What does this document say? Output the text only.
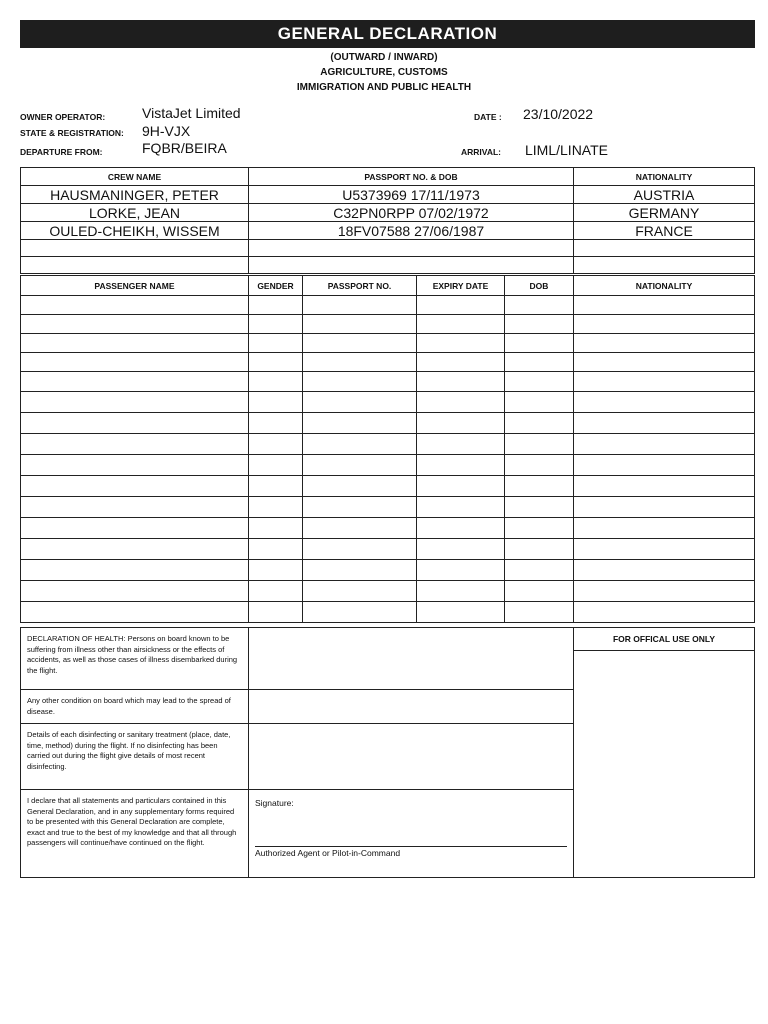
GENERAL DECLARATION
(OUTWARD / INWARD)
AGRICULTURE, CUSTOMS
IMMIGRATION AND PUBLIC HEALTH
OWNER OPERATOR:	VistaJet Limited
STATE & REGISTRATION: 9H-VJX
DEPARTURE FROM:	FQBR/BEIRA
DATE : 23/10/2022
ARRIVAL: LIML/LINATE
CREW NAME	PASSPORT NO. & DOB	NATIONALITY
HAUSMANINGER, PETER	U5373969 17/11/1973	AUSTRIA
LORKE, JEAN	C32PN0RPP 07/02/1972	GERMANY
OULED-CHEIKH, WISSEM	18FV07588 27/06/1987	FRANCE

PASSENGER NAME	GENDER	PASSPORT NO.	EXPIRY DATE	DOB	NATIONALITY

DECLARATION OF HEALTH: Persons on board known to be suffering from illness other than airsickness or the effects of accidents, as well as those cases of illness disembarked during the flight.		FOR OFFICAL USE ONLY

Any other condition on board which may lead to the spread of disease.		

Details of each disinfecting or sanitary treatment (place, date, time, method) during the flight. If no disinfecting has been carried out during the flight give details of most recent disinfecting.		

I declare that all statements and particulars contained in this General Declaration, and in any supplementary forms required to be presented with this General Declaration are complete, exact and true to the best of my knowledge and that all through passengers will continue/have continued on the flight.	Signature:
Authorized Agent or Pilot-in-Command	
